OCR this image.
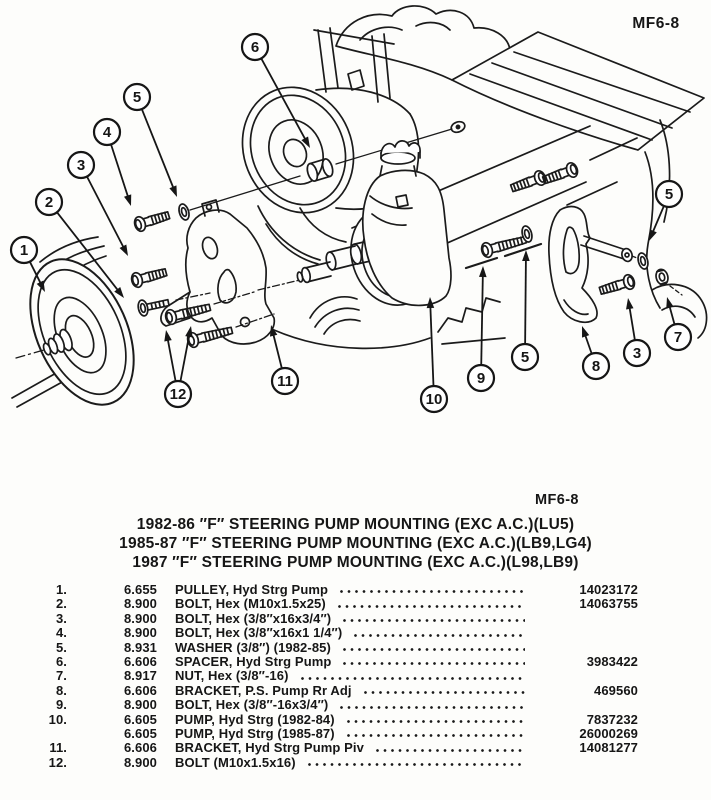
MF6-8
1
2
3
4
5
6
5
7
3
8
5
9
10
11
12
MF6-8
1982-86 ″F″ STEERING PUMP MOUNTING (EXC A.C.)(LU5)
1985-87 ″F″ STEERING PUMP MOUNTING (EXC A.C.)(LB9,LG4)
1987 ″F″ STEERING PUMP MOUNTING (EXC A.C.)(L98,LB9)
1.	6.655	PULLEY, Hyd Strg Pump	14023172
2.	8.900	BOLT, Hex (M10x1.5x25)	14063755
3.	8.900	BOLT, Hex (3/8″x16x3/4″)
4.	8.900	BOLT, Hex (3/8″x16x1 1/4″)
5.	8.931	WASHER (3/8″) (1982-85)
6.	6.606	SPACER, Hyd Strg Pump	3983422
7.	8.917	NUT, Hex (3/8″-16)
8.	6.606	BRACKET, P.S. Pump Rr Adj	469560
9.	8.900	BOLT, Hex (3/8″-16x3/4″)
10.	6.605	PUMP, Hyd Strg (1982-84)	7837232
6.605	PUMP, Hyd Strg (1985-87)	26000269
11.	6.606	BRACKET, Hyd Strg Pump Piv	14081277
12.	8.900	BOLT (M10x1.5x16)
